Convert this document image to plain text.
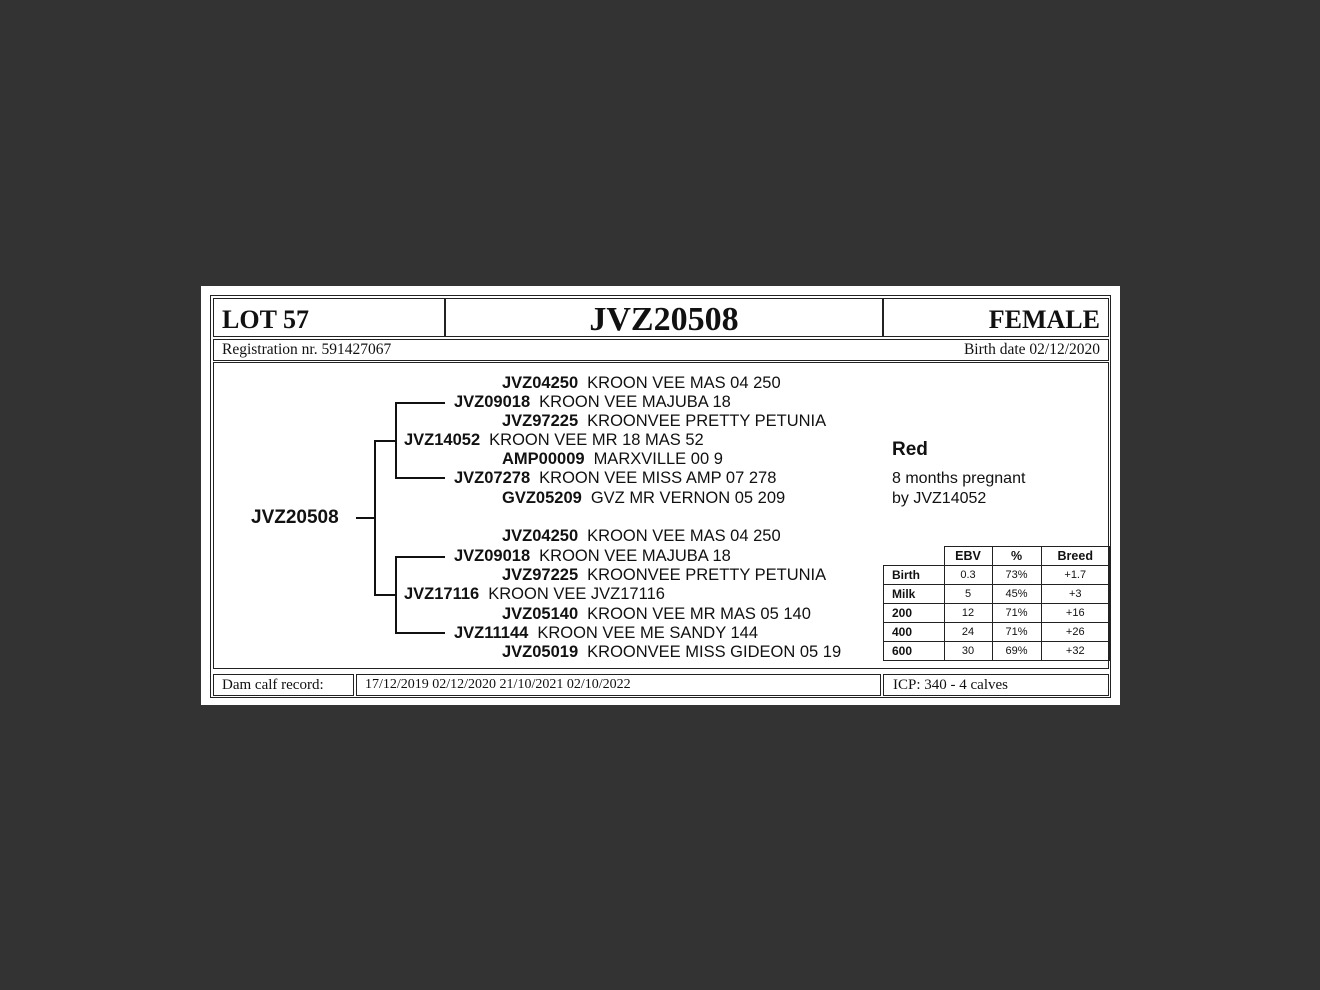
LOT 57	JVZ20508	FEMALE
Registration nr. 591427067	Birth date 02/12/2020
JVZ20508
JVZ04250 KROON VEE MAS 04 250
JVZ09018 KROON VEE MAJUBA 18
JVZ97225 KROONVEE PRETTY PETUNIA
JVZ14052 KROON VEE MR 18 MAS 52
AMP00009 MARXVILLE 00 9
JVZ07278 KROON VEE MISS AMP 07 278
GVZ05209 GVZ MR VERNON 05 209
JVZ04250 KROON VEE MAS 04 250
JVZ09018 KROON VEE MAJUBA 18
JVZ97225 KROONVEE PRETTY PETUNIA
JVZ17116 KROON VEE JVZ17116
JVZ05140 KROON VEE MR MAS 05 140
JVZ11144 KROON VEE ME SANDY 144
JVZ05019 KROONVEE MISS GIDEON 05 19
Red
8 months pregnant
by JVZ14052
	EBV	%	Breed
Birth	0.3	73%	+1.7
Milk	5	45%	+3
200	12	71%	+16
400	24	71%	+26
600	30	69%	+32
Dam calf record:	17/12/2019 02/12/2020 21/10/2021 02/10/2022	ICP: 340 - 4 calves
